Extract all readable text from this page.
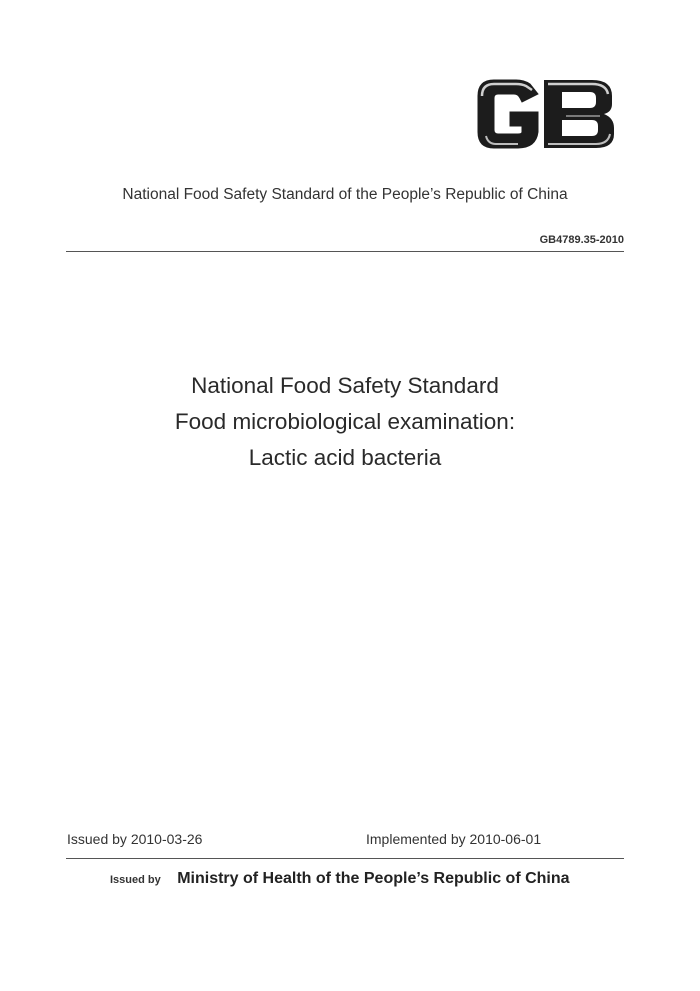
National Food Safety Standard of the People’s Republic of China
GB4789.35-2010
National Food Safety Standard
Food microbiological examination:
Lactic acid bacteria
Issued by 2010-03-26	Implemented by 2010-06-01
Issued by Ministry of Health of the People’s Republic of China
